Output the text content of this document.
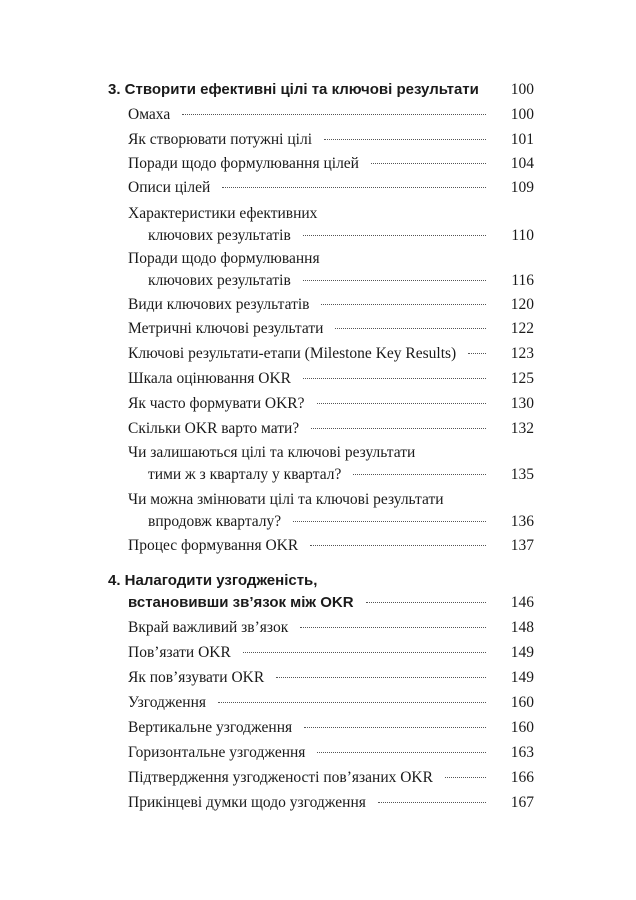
3. Створити ефективні цілі та ключові результати 100
Омаха	100
Як створювати потужні цілі	101
Поради щодо формулювання цілей	104
Описи цілей	109
Характеристики ефективних
ключових результатів	110
Поради щодо формулювання
ключових результатів	116
Види ключових результатів	120
Метричні ключові результати	122
Ключові результати-етапи (Milestone Key Results)	123
Шкала оцінювання OKR	125
Як часто формувати OKR?	130
Скільки OKR варто мати?	132
Чи залишаються цілі та ключові результати
тими ж з кварталу у квартал?	135
Чи можна змінювати цілі та ключові результати
впродовж кварталу?	136
Процес формування OKR	137
4. Налагодити узгодженість,
встановивши зв’язок між OKR	146
Вкрай важливий зв’язок	148
Пов’язати OKR	149
Як пов’язувати OKR	149
Узгодження	160
Вертикальне узгодження	160
Горизонтальне узгодження	163
Підтвердження узгодженості пов’язаних OKR	166
Прикінцеві думки щодо узгодження	167
